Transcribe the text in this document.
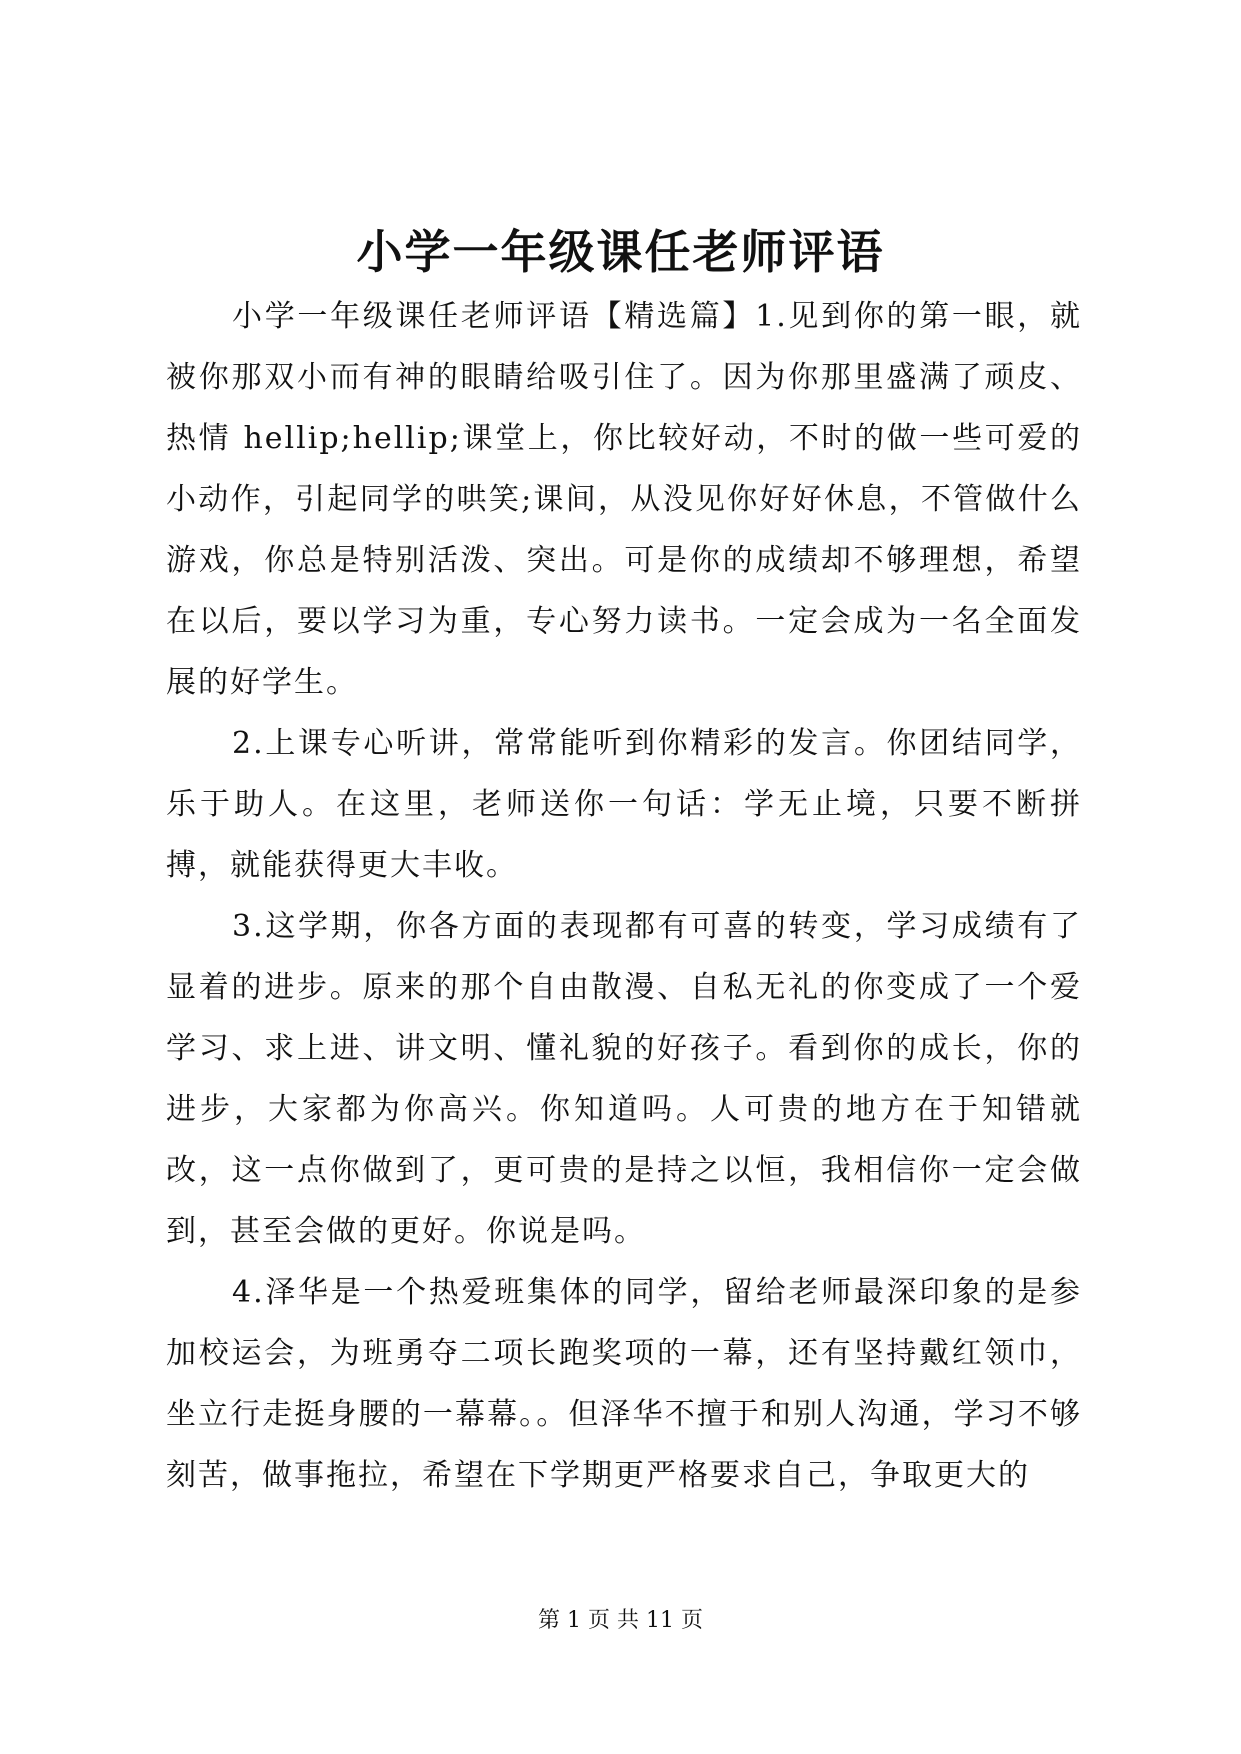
小学一年级课任老师评语

小学一年级课任老师评语【精选篇】1.见到你的第一眼，就被你那双小而有神的眼睛给吸引住了。因为你那里盛满了顽皮、热情 hellip;hellip;课堂上，你比较好动，不时的做一些可爱的小动作，引起同学的哄笑;课间，从没见你好好休息，不管做什么游戏，你总是特别活泼、突出。可是你的成绩却不够理想，希望在以后，要以学习为重，专心努力读书。一定会成为一名全面发展的好学生。

2.上课专心听讲，常常能听到你精彩的发言。你团结同学，乐于助人。在这里，老师送你一句话：学无止境，只要不断拼搏，就能获得更大丰收。

3.这学期，你各方面的表现都有可喜的转变，学习成绩有了显着的进步。原来的那个自由散漫、自私无礼的你变成了一个爱学习、求上进、讲文明、懂礼貌的好孩子。看到你的成长，你的进步，大家都为你高兴。你知道吗。人可贵的地方在于知错就改，这一点你做到了，更可贵的是持之以恒，我相信你一定会做到，甚至会做的更好。你说是吗。

4.泽华是一个热爱班集体的同学，留给老师最深印象的是参加校运会，为班勇夺二项长跑奖项的一幕，还有坚持戴红领巾，坐立行走挺身腰的一幕幕。。但泽华不擅于和别人沟通，学习不够刻苦，做事拖拉，希望在下学期更严格要求自己，争取更大的

第 1 页 共 11 页
